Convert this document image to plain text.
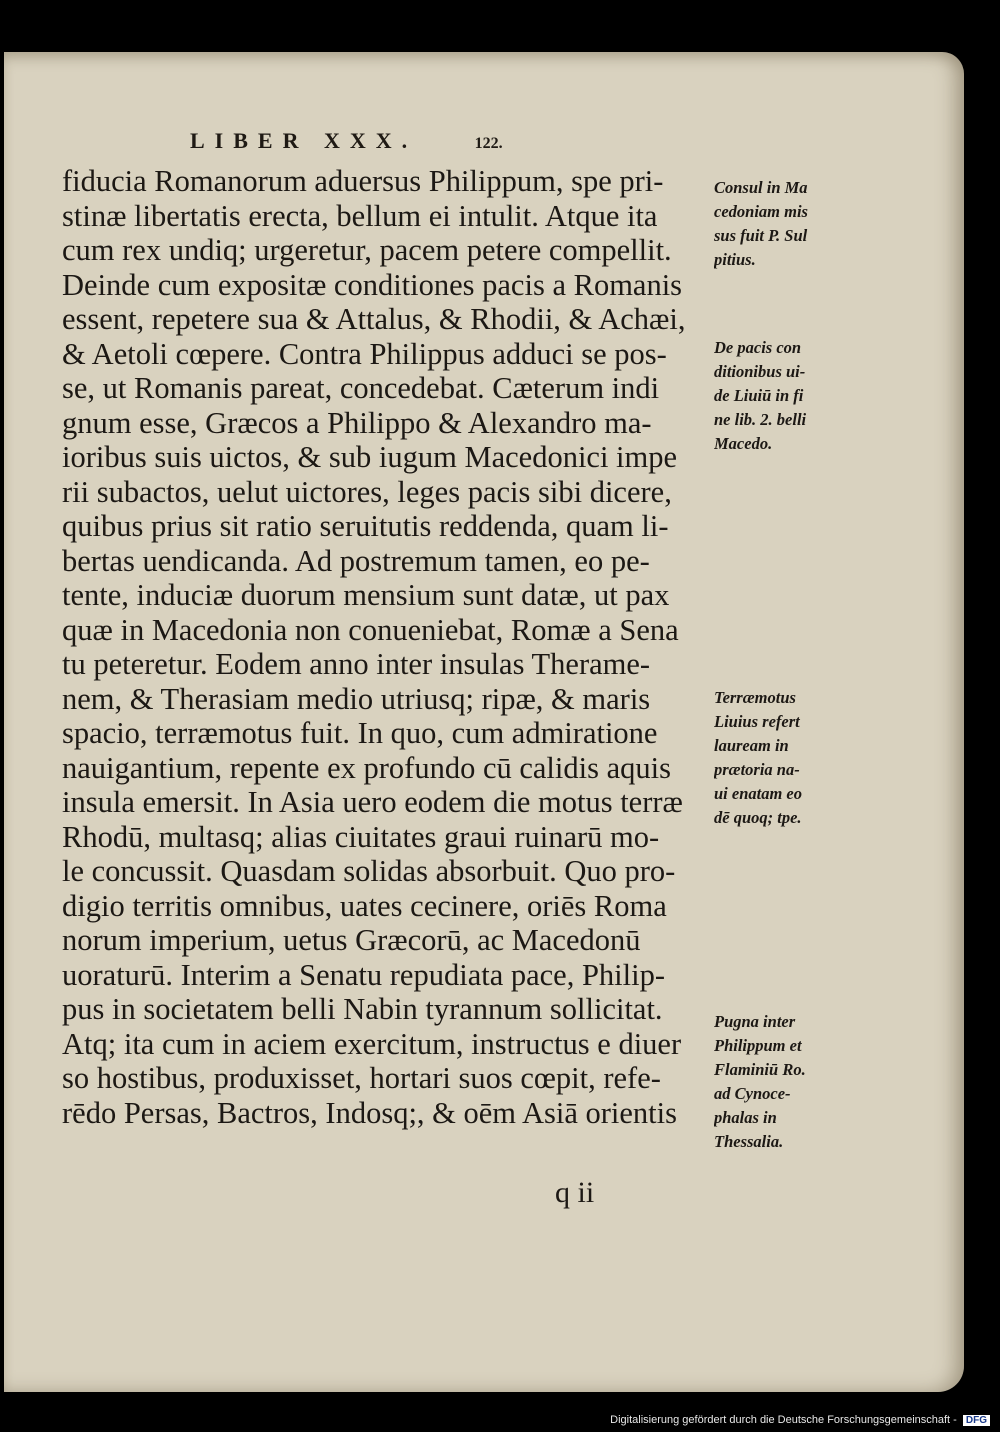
LIBER XXX.	122.
fiducia Romanorum aduersus Philippum, spe pri-
stinæ libertatis erecta, bellum ei intulit. Atque ita
cum rex undiq; urgeretur, pacem petere compellit.
Deinde cum expositæ conditiones pacis a Romanis
essent, repetere sua & Attalus, & Rhodii, & Achæi,
& Aetoli cœpere. Contra Philippus adduci se pos-
se, ut Romanis pareat, concedebat. Cæterum indi
gnum esse, Græcos a Philippo & Alexandro ma-
ioribus suis uictos, & sub iugum Macedonici impe
rii subactos, uelut uictores, leges pacis sibi dicere,
quibus prius sit ratio seruitutis reddenda, quam li-
bertas uendicanda. Ad postremum tamen, eo pe-
tente, induciæ duorum mensium sunt datæ, ut pax
quæ in Macedonia non conueniebat, Romæ a Sena
tu peteretur. Eodem anno inter insulas Therame-
nem, & Therasiam medio utriusq; ripæ, & maris
spacio, terræmotus fuit. In quo, cum admiratione
nauigantium, repente ex profundo cū calidis aquis
insula emersit. In Asia uero eodem die motus terræ
Rhodū, multasq; alias ciuitates graui ruinarū mo-
le concussit. Quasdam solidas absorbuit. Quo pro-
digio territis omnibus, uates cecinere, oriēs Roma
norum imperium, uetus Græcorū, ac Macedonū
uoraturū. Interim a Senatu repudiata pace, Philip-
pus in societatem belli Nabin tyrannum sollicitat.
Atq; ita cum in aciem exercitum, instructus e diuer
so hostibus, produxisset, hortari suos cœpit, refe-
rēdo Persas, Bactros, Indosq;, & oēm Asiā orientis
Consul in Ma
cedoniam mis
sus fuit P. Sul
pitius.
De pacis con
ditionibus ui-
de Liuiū in fi
ne lib. 2. belli
Macedo.
Terræmotus
Liuius refert
lauream in
prætoria na-
ui enatam eo
dē quoq; tpe.
Pugna inter
Philippum et
Flaminiū Ro.
ad Cynoce-
phalas in
Thessalia.
q ii
Digitalisierung gefördert durch die Deutsche Forschungsgemeinschaft - DFG
